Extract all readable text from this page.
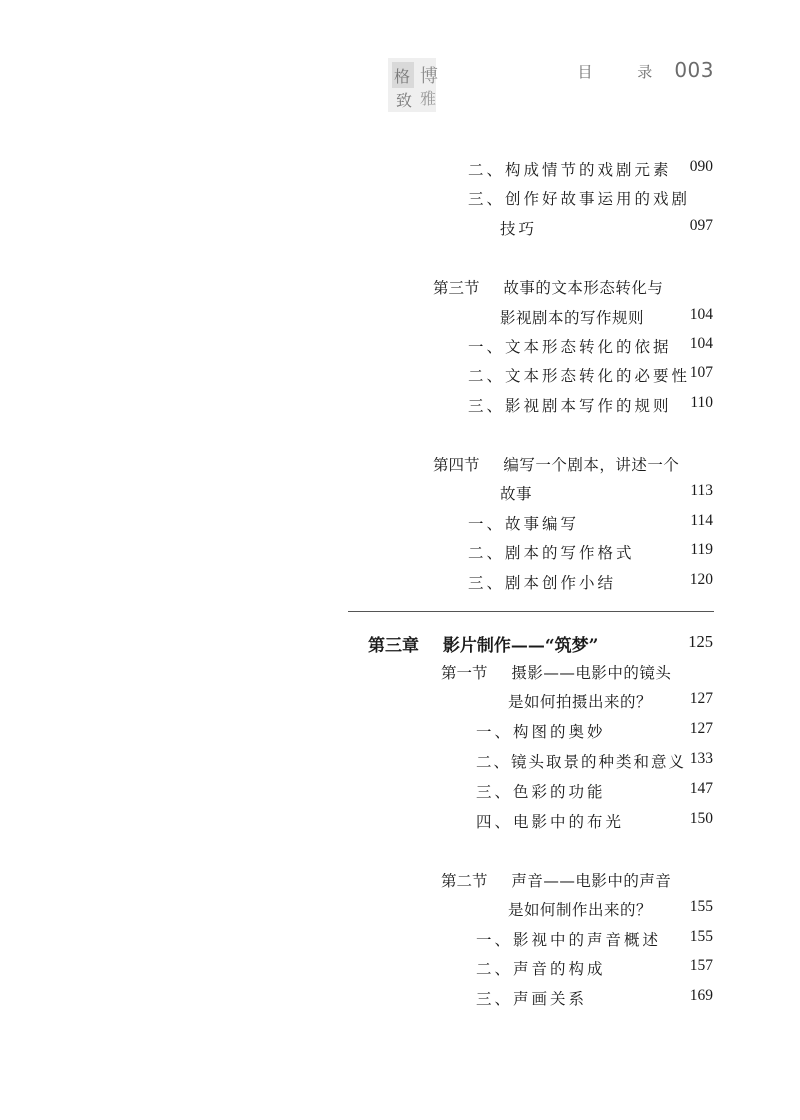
博
雅
格
致
目 录 003
二、构成情节的戏剧元素 090
三、创作好故事运用的戏剧
技巧	097
第三节 故事的文本形态转化与
影视剧本的写作规则	104
一、文本形态转化的依据 104
二、文本形态转化的必要性 107
三、影视剧本写作的规则 110
第四节 编写一个剧本，讲述一个
故事	113
一、故事编写	114
二、剧本的写作格式	119
三、剧本创作小结	120
第三章 影片制作——“筑梦”	125
第一节 摄影——电影中的镜头
是如何拍摄出来的？ 127
一、构图的奥妙	127
二、镜头取景的种类和意义 133
三、色彩的功能	147
四、电影中的布光	150
第二节 声音——电影中的声音
是如何制作出来的？ 155
一、影视中的声音概述 155
二、声音的构成	157
三、声画关系	169
